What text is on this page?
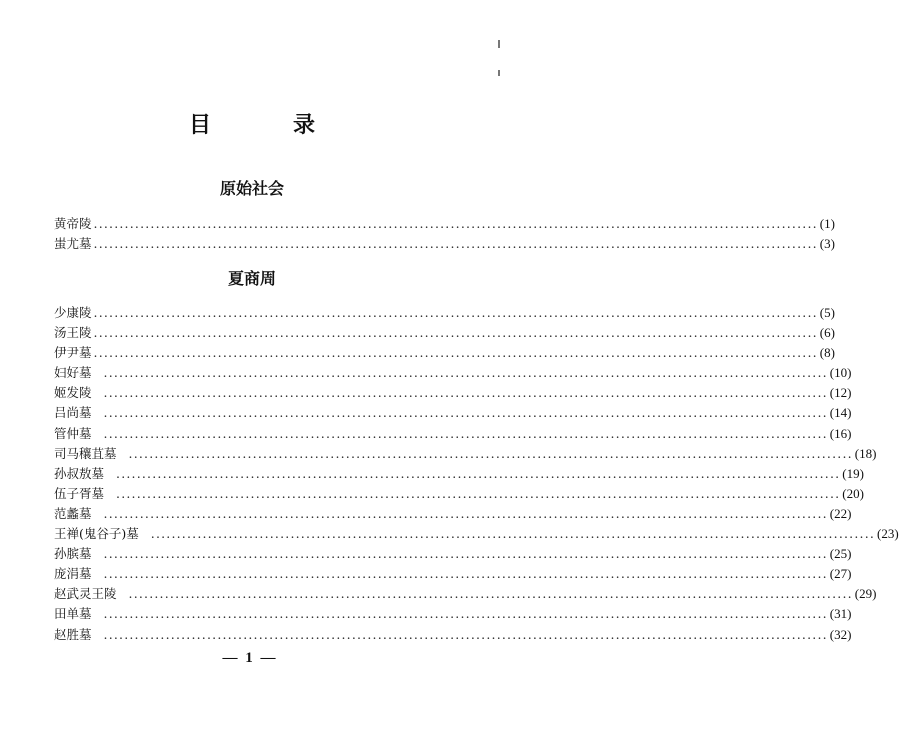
目　录
原始社会
黄帝陵 ............................................................................................................................................ (1)
蚩尤墓 ............................................................................................................................................ (3)
夏商周
少康陵 ............................................................................................................................................ (5)
汤王陵 ............................................................................................................................................ (6)
伊尹墓 ............................................................................................................................................ (8)
妇好墓 ............................................................................................................................................ (10)
姬发陵 ............................................................................................................................................ (12)
吕尚墓 ............................................................................................................................................ (14)
管仲墓 ............................................................................................................................................ (16)
司马穰苴墓 ............................................................................................................................................ (18)
孙叔敖墓 ............................................................................................................................................ (19)
伍子胥墓 ............................................................................................................................................ (20)
范蠡墓 ............................................................................................................................................ (22)
王禅(鬼谷子)墓 ............................................................................................................................................ (23)
孙膑墓 ............................................................................................................................................ (25)
庞涓墓 ............................................................................................................................................ (27)
赵武灵王陵 ............................................................................................................................................ (29)
田单墓 ............................................................................................................................................ (31)
赵胜墓 ............................................................................................................................................ (32)
— 1 —
